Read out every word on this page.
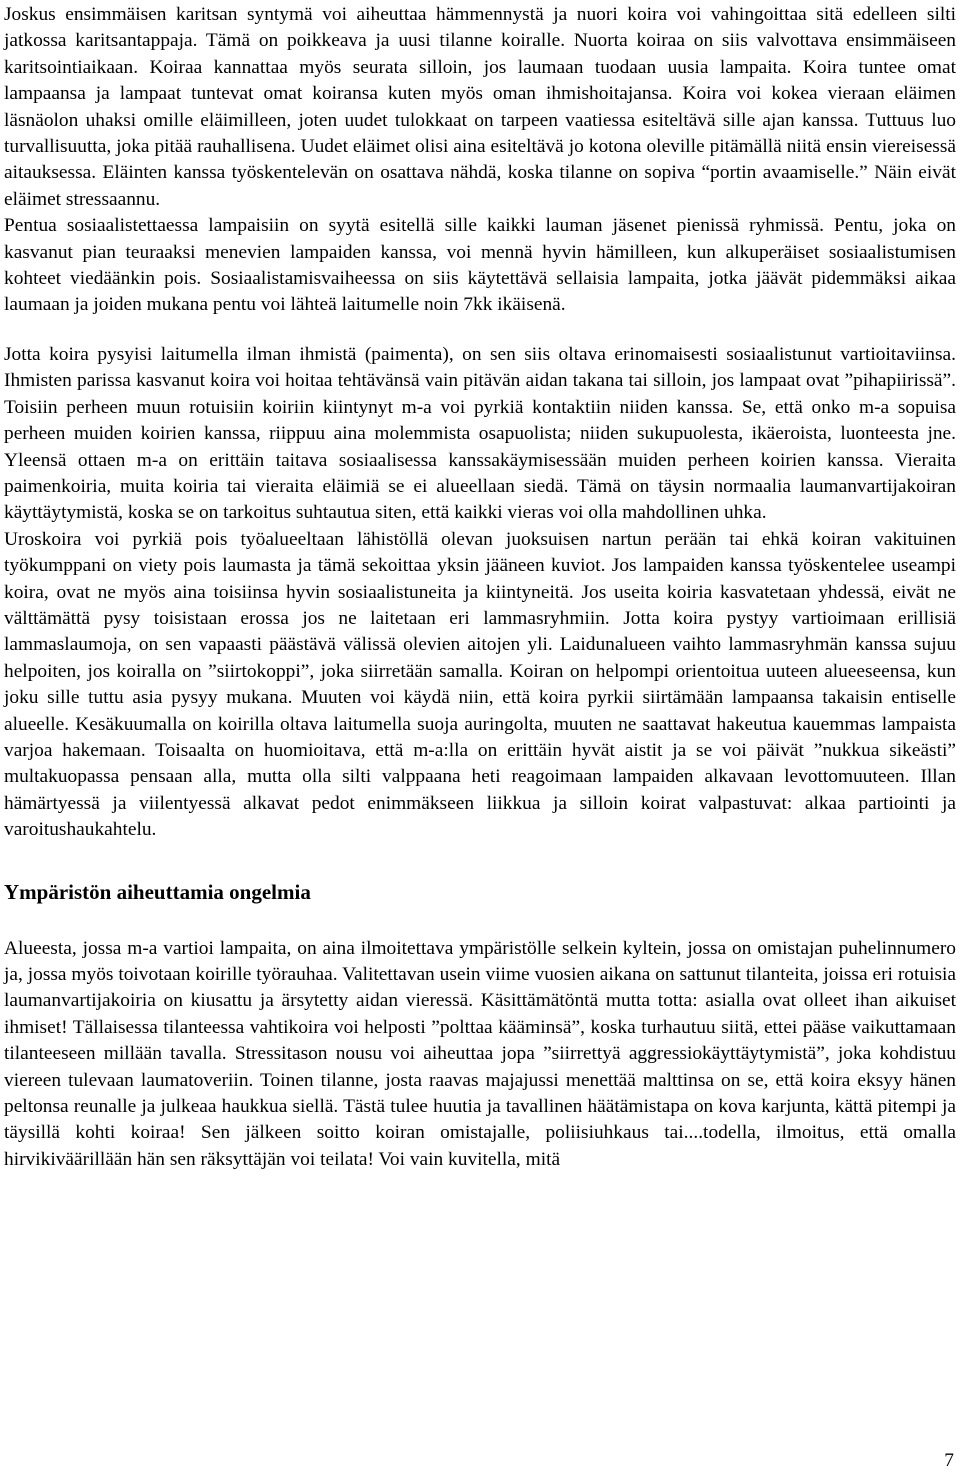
Joskus ensimmäisen karitsan syntymä voi aiheuttaa hämmennystä ja nuori koira voi vahingoittaa sitä edelleen silti jatkossa karitsantappaja. Tämä on poikkeava ja uusi tilanne koiralle. Nuorta koiraa on siis valvottava ensimmäiseen karitsointiaikaan. Koiraa kannattaa myös seurata silloin, jos laumaan tuodaan uusia lampaita. Koira tuntee omat lampaansa ja lampaat tuntevat omat koiransa kuten myös oman ihmishoitajansa. Koira voi kokea vieraan eläimen läsnäolon uhaksi omille eläimilleen, joten uudet tulokkaat on tarpeen vaatiessa esiteltävä sille ajan kanssa. Tuttuus luo turvallisuutta, joka pitää rauhallisena. Uudet eläimet olisi aina esiteltävä jo kotona oleville pitämällä niitä ensin viereisessä aitauksessa. Eläinten kanssa työskentelevän on osattava nähdä, koska tilanne on sopiva “portin avaamiselle.” Näin eivät eläimet stressaannu.

Pentua sosiaalistettaessa lampaisiin on syytä esitellä sille kaikki lauman jäsenet pienissä ryhmissä. Pentu, joka on kasvanut pian teuraaksi menevien lampaiden kanssa, voi mennä hyvin hämilleen, kun alkuperäiset sosiaalistumisen kohteet viedäänkin pois. Sosiaalistamisvaiheessa on siis käytettävä sellaisia lampaita, jotka jäävät pidemmäksi aikaa laumaan ja joiden mukana pentu voi lähteä laitumelle noin 7kk ikäisenä.

Jotta koira pysyisi laitumella ilman ihmistä (paimenta), on sen siis oltava erinomaisesti sosiaalistunut vartioitaviinsa. Ihmisten parissa kasvanut koira voi hoitaa tehtävänsä vain pitävän aidan takana tai silloin, jos lampaat ovat ”pihapiirissä”. Toisiin perheen muun rotuisiin koiriin kiintynyt m-a voi pyrkiä kontaktiin niiden kanssa. Se, että onko m-a sopuisa perheen muiden koirien kanssa, riippuu aina molemmista osapuolista; niiden sukupuolesta, ikäeroista, luonteesta jne. Yleensä ottaen m-a on erittäin taitava sosiaalisessa kanssakäymisessään muiden perheen koirien kanssa. Vieraita paimenkoiria, muita koiria tai vieraita eläimiä se ei alueellaan siedä. Tämä on täysin normaalia laumanvartijakoiran käyttäytymistä, koska se on tarkoitus suhtautua siten, että kaikki vieras voi olla mahdollinen uhka.

Uroskoira voi pyrkiä pois työalueeltaan lähistöllä olevan juoksuisen nartun perään tai ehkä koiran vakituinen työkumppani on viety pois laumasta ja tämä sekoittaa yksin jääneen kuviot. Jos lampaiden kanssa työskentelee useampi koira, ovat ne myös aina toisiinsa hyvin sosiaalistuneita ja kiintyneitä. Jos useita koiria kasvatetaan yhdessä, eivät ne välttämättä pysy toisistaan erossa jos ne laitetaan eri lammasryhmiin. Jotta koira pystyy vartioimaan erillisiä lammaslaumoja, on sen vapaasti päästävä välissä olevien aitojen yli. Laidunalueen vaihto lammasryhmän kanssa sujuu helpoiten, jos koiralla on ”siirtokoppi”, joka siirretään samalla. Koiran on helpompi orientoitua uuteen alueeseensa, kun joku sille tuttu asia pysyy mukana. Muuten voi käydä niin, että koira pyrkii siirtämään lampaansa takaisin entiselle alueelle. Kesäkuumalla on koirilla oltava laitumella suoja auringolta, muuten ne saattavat hakeutua kauemmas lampaista varjoa hakemaan. Toisaalta on huomioitava, että m-a:lla on erittäin hyvät aistit ja se voi päivät ”nukkua sikeästi” multakuopassa pensaan alla, mutta olla silti valppaana heti reagoimaan lampaiden alkavaan levottomuuteen. Illan hämärtyessä ja viilentyessä alkavat pedot enimmäkseen liikkua ja silloin koirat valpastuvat: alkaa partiointi ja varoitushaukahtelu.

Ympäristön aiheuttamia ongelmia

Alueesta, jossa m-a vartioi lampaita, on aina ilmoitettava ympäristölle selkein kyltein, jossa on omistajan puhelinnumero ja, jossa myös toivotaan koirille työrauhaa. Valitettavan usein viime vuosien aikana on sattunut tilanteita, joissa eri rotuisia laumanvartijakoiria on kiusattu ja ärsytetty aidan vieressä. Käsittämätöntä mutta totta: asialla ovat olleet ihan aikuiset ihmiset! Tällaisessa tilanteessa vahtikoira voi helposti ”polttaa kääminsä”, koska turhautuu siitä, ettei pääse vaikuttamaan tilanteeseen millään tavalla. Stressitason nousu voi aiheuttaa jopa ”siirrettyä aggressiokäyttäytymistä”, joka kohdistuu viereen tulevaan laumatoveriin. Toinen tilanne, josta raavas majajussi menettää malttinsa on se, että koira eksyy hänen peltonsa reunalle ja julkeaa haukkua siellä. Tästä tulee huutia ja tavallinen häätämistapa on kova karjunta, kättä pitempi ja täysillä kohti koiraa! Sen jälkeen soitto koiran omistajalle, poliisiuhkaus tai....todella, ilmoitus, että omalla hirvikiväärillään hän sen räksyttäjän voi teilata! Voi vain kuvitella, mitä

7
